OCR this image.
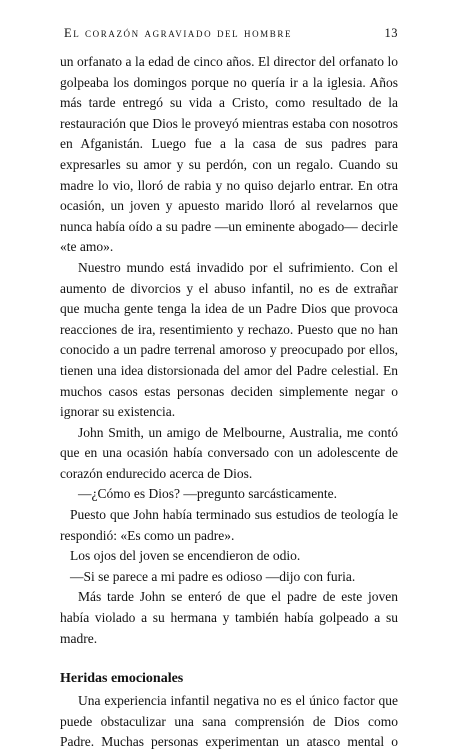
El corazón agraviado del hombre	13

un orfanato a la edad de cinco años. El director del orfanato lo golpeaba los domingos porque no quería ir a la iglesia. Años más tarde entregó su vida a Cristo, como resultado de la restauración que Dios le proveyó mientras estaba con nosotros en Afganistán. Luego fue a la casa de sus padres para expresarles su amor y su perdón, con un regalo. Cuando su madre lo vio, lloró de rabia y no quiso dejarlo entrar. En otra ocasión, un joven y apuesto marido lloró al revelarnos que nunca había oído a su padre —un eminente abogado— decirle «te amo».

Nuestro mundo está invadido por el sufrimiento. Con el aumento de divorcios y el abuso infantil, no es de extrañar que mucha gente tenga la idea de un Padre Dios que provoca reacciones de ira, resentimiento y rechazo. Puesto que no han conocido a un padre terrenal amoroso y preocupado por ellos, tienen una idea distorsionada del amor del Padre celestial. En muchos casos estas personas deciden simplemente negar o ignorar su existencia.

John Smith, un amigo de Melbourne, Australia, me contó que en una ocasión había conversado con un adolescente de corazón endurecido acerca de Dios.

—¿Cómo es Dios? —pregunto sarcásticamente.

Puesto que John había terminado sus estudios de teología le respondió: «Es como un padre».

Los ojos del joven se encendieron de odio.

—Si se parece a mi padre es odioso —dijo con furia.

Más tarde John se enteró de que el padre de este joven había violado a su hermana y también había golpeado a su madre.

Heridas emocionales

Una experiencia infantil negativa no es el único factor que puede obstaculizar una sana comprensión de Dios como Padre. Muchas personas experimentan un atasco mental o
